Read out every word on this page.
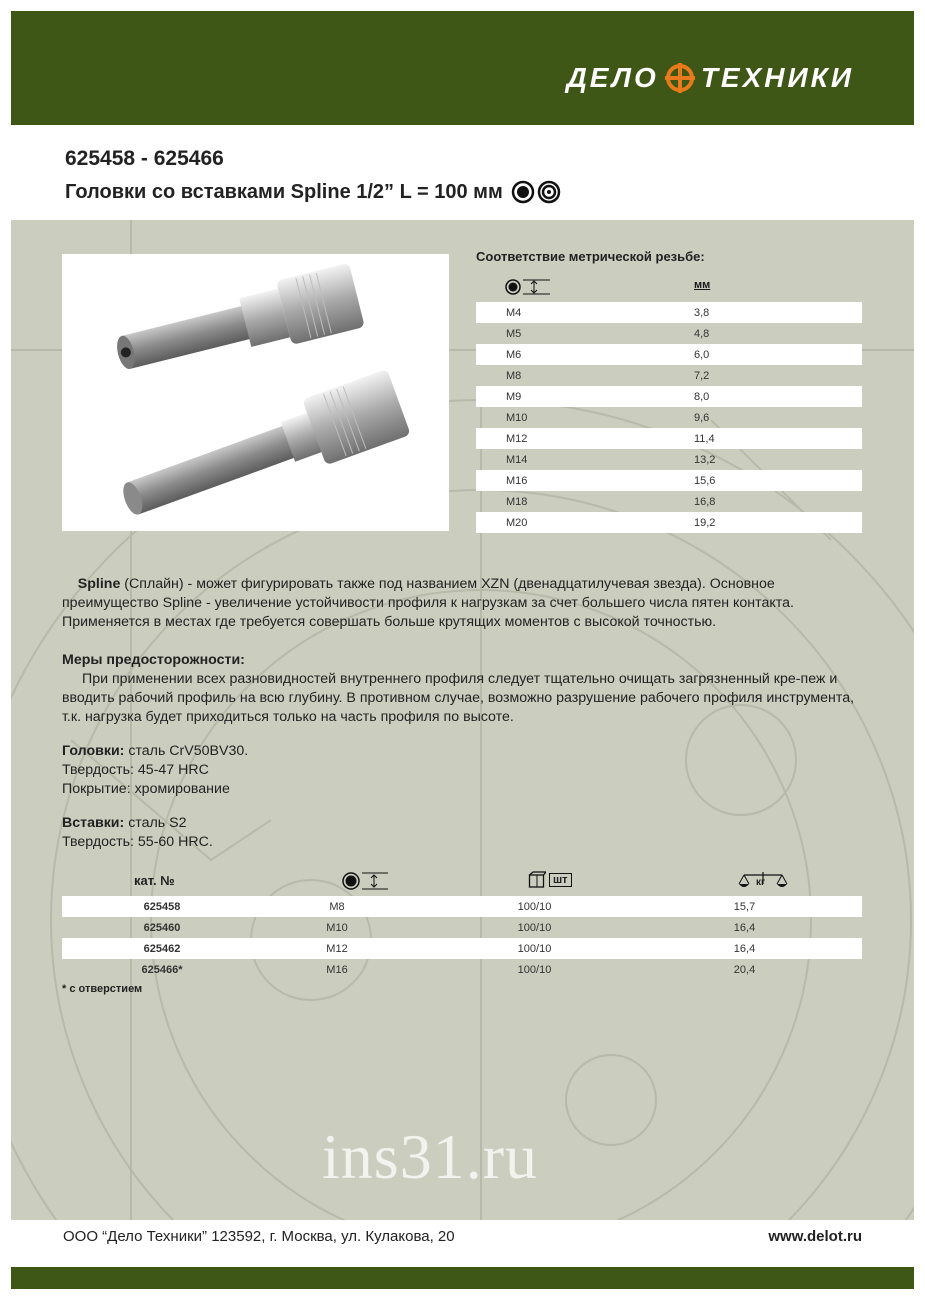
ДЕЛО ТЕХНИКИ
625458 - 625466
Головки со вставками Spline 1/2” L = 100 мм
Соответствие метрической резьбе:
мм
М4	3,8
М5	4,8
М6	6,0
М8	7,2
М9	8,0
М10	9,6
М12	11,4
М14	13,2
М16	15,6
М18	16,8
М20	19,2

Spline (Сплайн) - может фигурировать также под названием XZN (двенадцатилучевая звезда). Основное преимущество Spline - увеличение устойчивости профиля к нагрузкам за счет большего числа пятен контакта. Применяется в местах где требуется совершать больше крутящих моментов с высокой точностью.

Меры предосторожности:
При применении всех разновидностей внутреннего профиля следует тщательно очищать загрязненный кре-пеж и вводить рабочий профиль на всю глубину. В противном случае, возможно разрушение рабочего профиля инструмента, т.к. нагрузка будет приходиться только на часть профиля по высоте.
Головки: сталь CrV50BV30.
Твердость: 45-47 HRC
Покрытие: хромирование
Вставки: сталь S2
Твердость: 55-60 HRC.
кат. №	шт	кг
625458	M8	100/10	15,7
625460	M10	100/10	16,4
625462	M12	100/10	16,4
625466*	M16	100/10	20,4
* с отверстием
ins31.ru
ООО “Дело Техники” 123592, г. Москва, ул. Кулакова, 20	www.delot.ru
